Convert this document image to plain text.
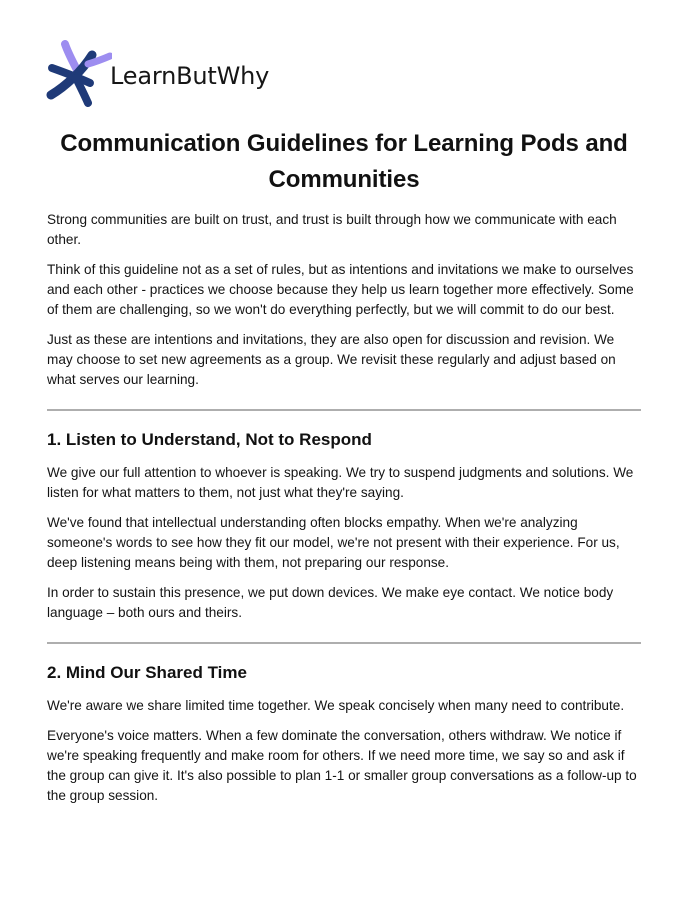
LearnButWhy
Communication Guidelines for Learning Pods and Communities

Strong communities are built on trust, and trust is built through how we communicate with each other.

Think of this guideline not as a set of rules, but as intentions and invitations we make to ourselves and each other - practices we choose because they help us learn together more effectively. Some of them are challenging, so we won't do everything perfectly, but we will commit to do our best.

Just as these are intentions and invitations, they are also open for discussion and revision. We may choose to set new agreements as a group. We revisit these regularly and adjust based on what serves our learning.

1. Listen to Understand, Not to Respond

We give our full attention to whoever is speaking. We try to suspend judgments and solutions. We listen for what matters to them, not just what they're saying.

We've found that intellectual understanding often blocks empathy. When we're analyzing someone's words to see how they fit our model, we're not present with their experience. For us, deep listening means being with them, not preparing our response.

In order to sustain this presence, we put down devices. We make eye contact. We notice body language – both ours and theirs.

2. Mind Our Shared Time

We're aware we share limited time together. We speak concisely when many need to contribute.

Everyone's voice matters. When a few dominate the conversation, others withdraw. We notice if we're speaking frequently and make room for others. If we need more time, we say so and ask if the group can give it. It's also possible to plan 1-1 or smaller group conversations as a follow-up to the group session.
